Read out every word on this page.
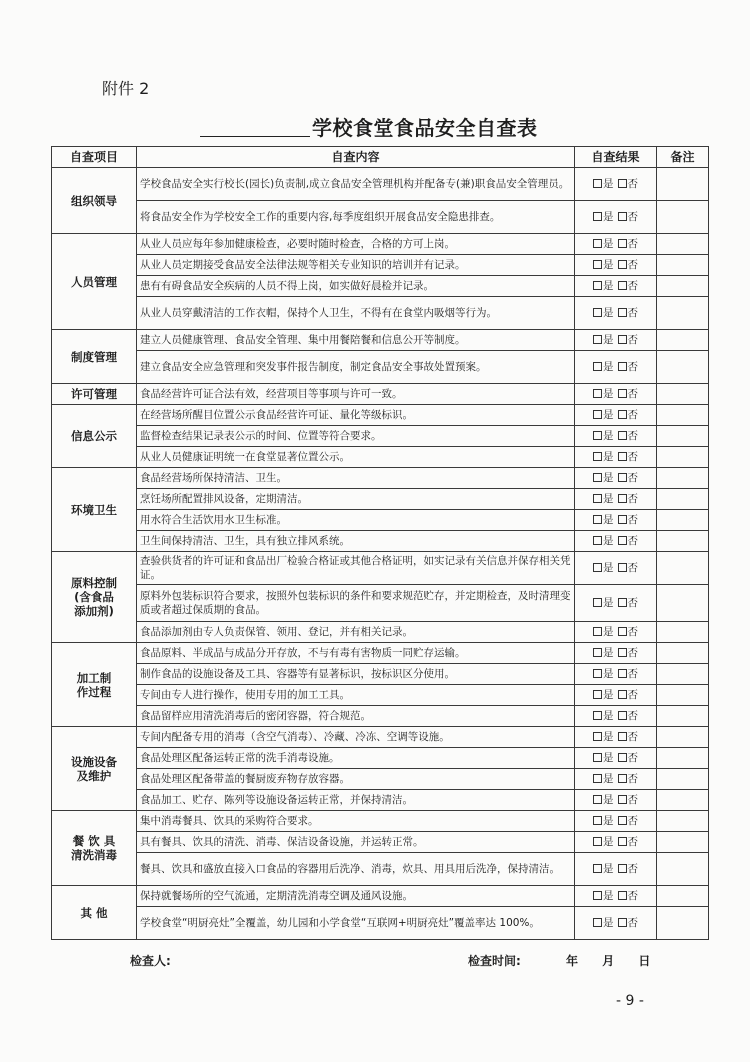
附件 2
学校食堂食品安全自查表
自查项目	自查内容	自查结果	备注
组织领导	学校食品安全实行校长(园长)负责制,成立食品安全管理机构并配备专(兼)职食品安全管理员。	是 否	
	将食品安全作为学校安全工作的重要内容,每季度组织开展食品安全隐患排查。	是 否	
人员管理	从业人员应每年参加健康检查，必要时随时检查，合格的方可上岗。	是 否	
	从业人员定期接受食品安全法律法规等相关专业知识的培训并有记录。	是 否	
	患有有碍食品安全疾病的人员不得上岗，如实做好晨检并记录。	是 否	
	从业人员穿戴清洁的工作衣帽，保持个人卫生，不得有在食堂内吸烟等行为。	是 否	
制度管理	建立人员健康管理、食品安全管理、集中用餐陪餐和信息公开等制度。	是 否	
	建立食品安全应急管理和突发事件报告制度，制定食品安全事故处置预案。	是 否	
许可管理	食品经营许可证合法有效，经营项目等事项与许可一致。	是 否	
信息公示	在经营场所醒目位置公示食品经营许可证、量化等级标识。	是 否	
	监督检查结果记录表公示的时间、位置等符合要求。	是 否	
	从业人员健康证明统一在食堂显著位置公示。	是 否	
环境卫生	食品经营场所保持清洁、卫生。	是 否	
	烹饪场所配置排风设备，定期清洁。	是 否	
	用水符合生活饮用水卫生标准。	是 否	
	卫生间保持清洁、卫生，具有独立排风系统。	是 否	
原料控制
(含食品
添加剂)	查验供货者的许可证和食品出厂检验合格证或其他合格证明，如实记录有关信息并保存相关凭证。	是 否	
	原料外包装标识符合要求，按照外包装标识的条件和要求规范贮存，并定期检查，及时清理变质或者超过保质期的食品。	是 否	
	食品添加剂由专人负责保管、领用、登记，并有相关记录。	是 否	
加工制
作过程	食品原料、半成品与成品分开存放，不与有毒有害物质一同贮存运输。	是 否	
	制作食品的设施设备及工具、容器等有显著标识，按标识区分使用。	是 否	
	专间由专人进行操作，使用专用的加工工具。	是 否	
	食品留样应用清洗消毒后的密闭容器，符合规范。	是 否	
设施设备
及维护	专间内配备专用的消毒（含空气消毒）、冷藏、冷冻、空调等设施。	是 否	
	食品处理区配备运转正常的洗手消毒设施。	是 否	
	食品处理区配备带盖的餐厨废弃物存放容器。	是 否	
	食品加工、贮存、陈列等设施设备运转正常，并保持清洁。	是 否	
餐 饮 具
清洗消毒	集中消毒餐具、饮具的采购符合要求。	是 否	
	具有餐具、饮具的清洗、消毒、保洁设备设施，并运转正常。	是 否	
	餐具、饮具和盛放直接入口食品的容器用后洗净、消毒，炊具、用具用后洗净，保持清洁。	是 否	
其 他	保持就餐场所的空气流通，定期清洗消毒空调及通风设施。	是 否	
	学校食堂“明厨亮灶”全覆盖，幼儿园和小学食堂“互联网+明厨亮灶”覆盖率达 100%。	是 否	
检查人:	检查时间:	年 月 日
- 9 -
